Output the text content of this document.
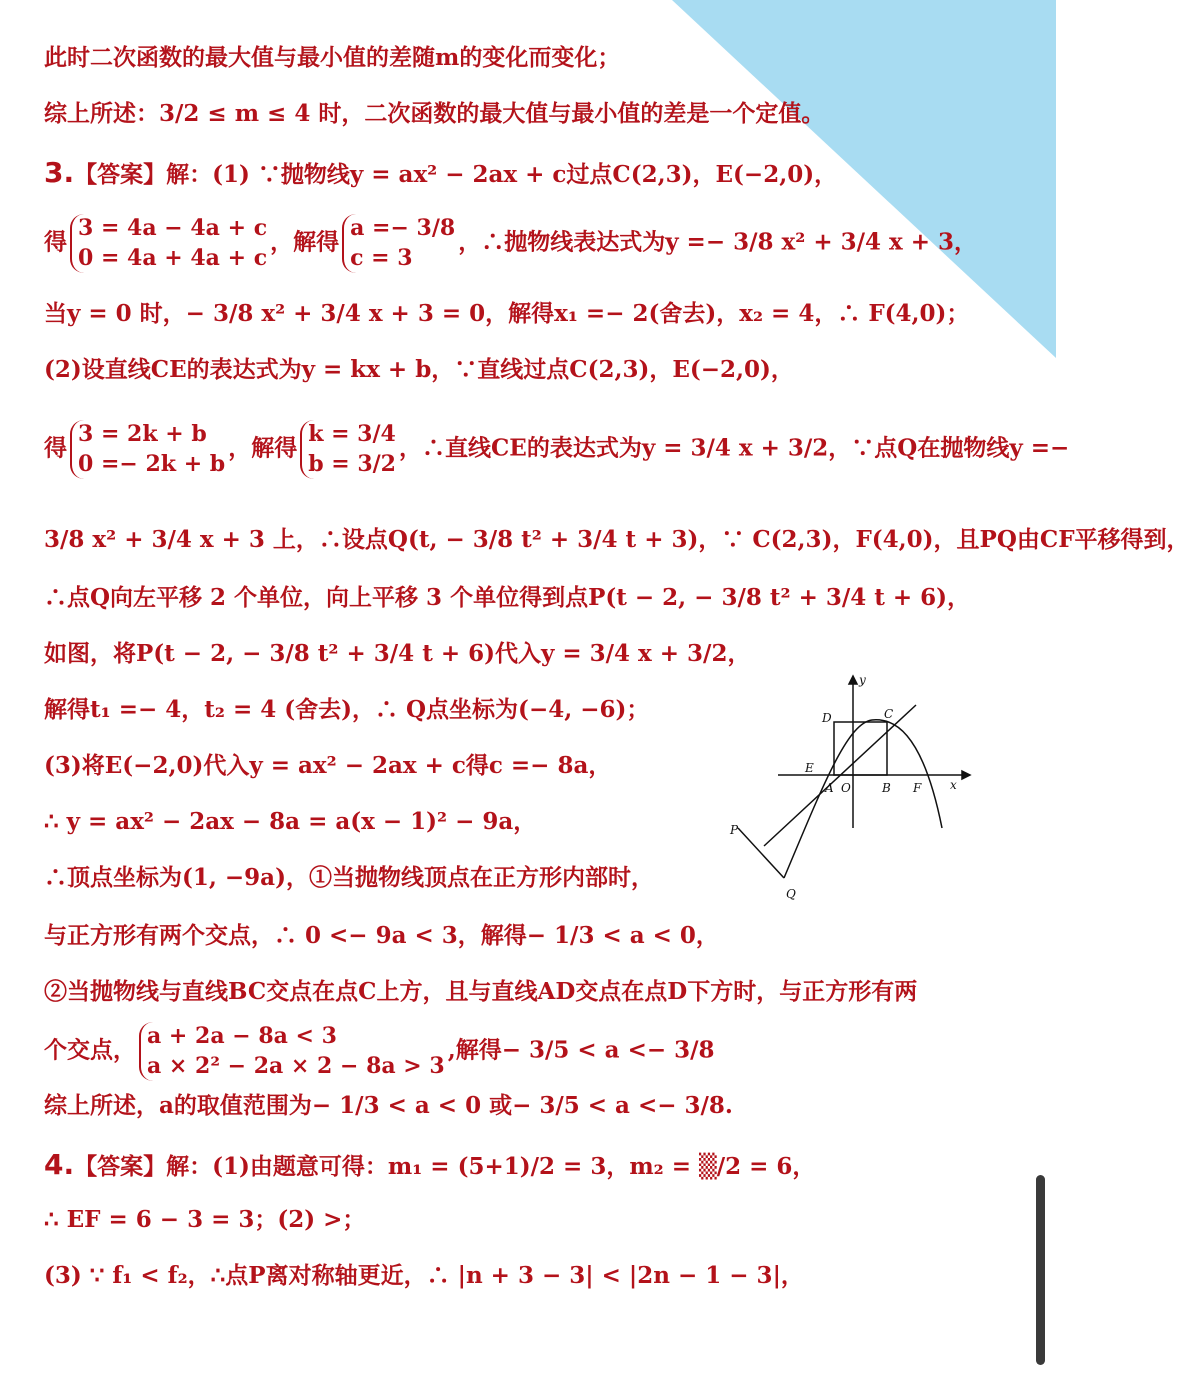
此时二次函数的最大值与最小值的差随m的变化而变化；
综上所述：3/2 ≤ m ≤ 4 时，二次函数的最大值与最小值的差是一个定值。
3.【答案】解：(1) ∵抛物线y = ax² − 2ax + c过点C(2,3)，E(−2,0)，
得
3 = 4a − 4a + c
0 = 4a + 4a + c
，解得
a =− 3/8
c = 3
，∴抛物线表达式为y =− 3/8 x² + 3/4 x + 3，
当y = 0 时，− 3/8 x² + 3/4 x + 3 = 0，解得x₁ =− 2(舍去)，x₂ = 4，∴ F(4,0)；
(2)设直线CE的表达式为y = kx + b，∵直线过点C(2,3)，E(−2,0)，
得
3 = 2k + b
0 =− 2k + b
，解得
k = 3/4
b = 3/2
，∴直线CE的表达式为y = 3/4 x + 3/2，∵点Q在抛物线y =−
3/8 x² + 3/4 x + 3 上，∴设点Q(t, − 3/8 t² + 3/4 t + 3)，∵ C(2,3)，F(4,0)，且PQ由CF平移得到，
∴点Q向左平移 2 个单位，向上平移 3 个单位得到点P(t − 2, − 3/8 t² + 3/4 t + 6)，
如图，将P(t − 2, − 3/8 t² + 3/4 t + 6)代入y = 3/4 x + 3/2，
解得t₁ =− 4，t₂ = 4 (舍去)，∴ Q点坐标为(−4, −6)；
(3)将E(−2,0)代入y = ax² − 2ax + c得c =− 8a，
∴ y = ax² − 2ax − 8a = a(x − 1)² − 9a，
∴顶点坐标为(1, −9a)，①当抛物线顶点在正方形内部时，
与正方形有两个交点，∴ 0 <− 9a < 3，解得− 1/3 < a < 0，
②当抛物线与直线BC交点在点C上方，且与直线AD交点在点D下方时，与正方形有两
个交点，
a + 2a − 8a < 3
a × 2² − 2a × 2 − 8a > 3
,解得− 3/5 < a <− 3/8
综上所述，a的取值范围为− 1/3 < a < 0 或− 3/5 < a <− 3/8.
4.【答案】解：(1)由题意可得：m₁ = (5+1)/2 = 3，m₂ = ▒/2 = 6，
∴ EF = 6 − 3 = 3；(2) >；
(3) ∵ f₁ < f₂，∴点P离对称轴更近，∴ |n + 3 − 3| < |2n − 1 − 3|，
y
x
D	C
E
A O	B F
P
Q
